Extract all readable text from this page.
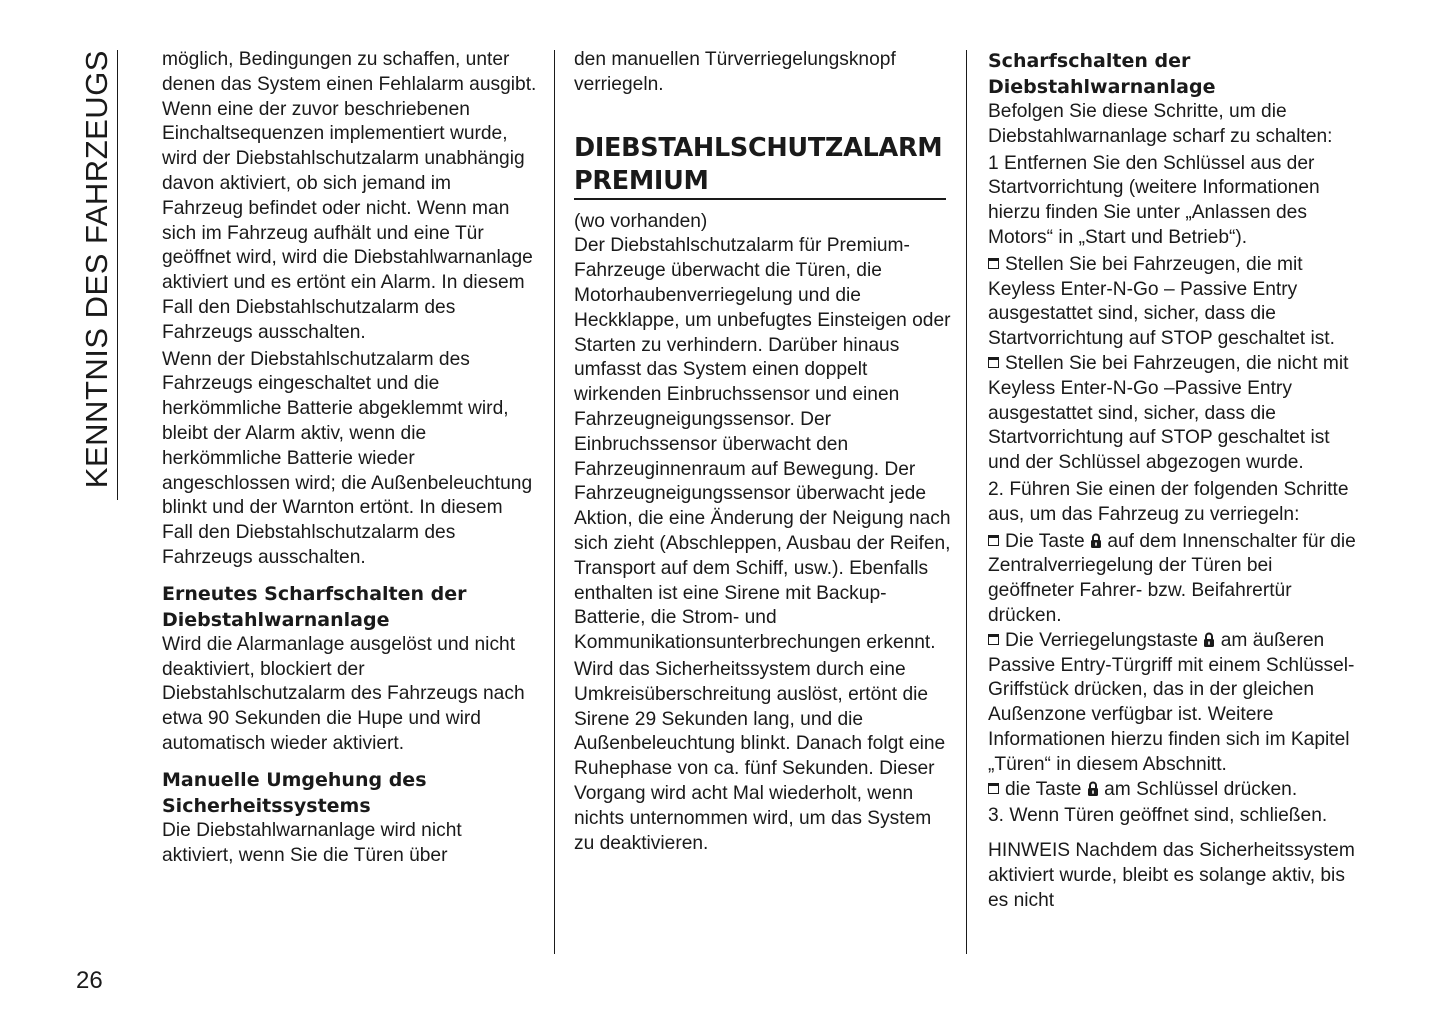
KENNTNIS DES FAHRZEUGS	möglich, Bedingungen zu schaffen, unter denen das System einen Fehlalarm ausgibt. Wenn eine der zuvor beschriebenen Einchaltsequenzen implementiert wurde, wird der Diebstahlschutzalarm unabhängig davon aktiviert, ob sich jemand im Fahrzeug befindet oder nicht. Wenn man sich im Fahrzeug aufhält und eine Tür geöffnet wird, wird die Diebstahlwarnanlage aktiviert und es ertönt ein Alarm. In diesem Fall den Diebstahlschutzalarm des Fahrzeugs ausschalten.

Wenn der Diebstahlschutzalarm des Fahrzeugs eingeschaltet und die herkömmliche Batterie abgeklemmt wird, bleibt der Alarm aktiv, wenn die herkömmliche Batterie wieder angeschlossen wird; die Außenbeleuchtung blinkt und der Warnton ertönt. In diesem Fall den Diebstahlschutzalarm des Fahrzeugs ausschalten.

Erneutes Scharfschalten der Diebstahlwarnanlage

Wird die Alarmanlage ausgelöst und nicht deaktiviert, blockiert der Diebstahlschutzalarm des Fahrzeugs nach etwa 90 Sekunden die Hupe und wird automatisch wieder aktiviert.

Manuelle Umgehung des Sicherheitssystems

Die Diebstahlwarnanlage wird nicht aktiviert, wenn Sie die Türen über

den manuellen Türverriegelungsknopf verriegeln.

DIEBSTAHLSCHUTZALARM
PREMIUM

(wo vorhanden)

Der Diebstahlschutzalarm für Premium-Fahrzeuge überwacht die Türen, die Motorhaubenverriegelung und die Heckklappe, um unbefugtes Einsteigen oder Starten zu verhindern. Darüber hinaus umfasst das System einen doppelt wirkenden Einbruchssensor und einen Fahrzeugneigungssensor. Der Einbruchssensor überwacht den Fahrzeuginnenraum auf Bewegung. Der Fahrzeugneigungssensor überwacht jede Aktion, die eine Änderung der Neigung nach sich zieht (Abschleppen, Ausbau der Reifen, Transport auf dem Schiff, usw.). Ebenfalls enthalten ist eine Sirene mit Backup-Batterie, die Strom- und Kommunikationsunterbrechungen erkennt.

Wird das Sicherheitssystem durch eine Umkreisüberschreitung auslöst, ertönt die Sirene 29 Sekunden lang, und die Außenbeleuchtung blinkt. Danach folgt eine Ruhephase von ca. fünf Sekunden. Dieser Vorgang wird acht Mal wiederholt, wenn nichts unternommen wird, um das System zu deaktivieren.

Scharfschalten der Diebstahlwarnanlage

Befolgen Sie diese Schritte, um die Diebstahlwarnanlage scharf zu schalten:

1 Entfernen Sie den Schlüssel aus der Startvorrichtung (weitere Informationen hierzu finden Sie unter „Anlassen des Motors“ in „Start und Betrieb“).

Stellen Sie bei Fahrzeugen, die mit Keyless Enter-N-Go – Passive Entry ausgestattet sind, sicher, dass die Startvorrichtung auf STOP geschaltet ist.

Stellen Sie bei Fahrzeugen, die nicht mit Keyless Enter-N-Go –Passive Entry ausgestattet sind, sicher, dass die Startvorrichtung auf STOP geschaltet ist und der Schlüssel abgezogen wurde.

2. Führen Sie einen der folgenden Schritte aus, um das Fahrzeug zu verriegeln:

Die Taste auf dem Innenschalter für die Zentralverriegelung der Türen bei geöffneter Fahrer- bzw. Beifahrertür drücken.

Die Verriegelungstaste am äußeren Passive Entry-Türgriff mit einem Schlüssel-Griffstück drücken, das in der gleichen Außenzone verfügbar ist. Weitere Informationen hierzu finden sich im Kapitel „Türen“ in diesem Abschnitt.

die Taste am Schlüssel drücken.

3. Wenn Türen geöffnet sind, schließen.

HINWEIS Nachdem das Sicherheitssystem aktiviert wurde, bleibt es solange aktiv, bis es nicht

26
